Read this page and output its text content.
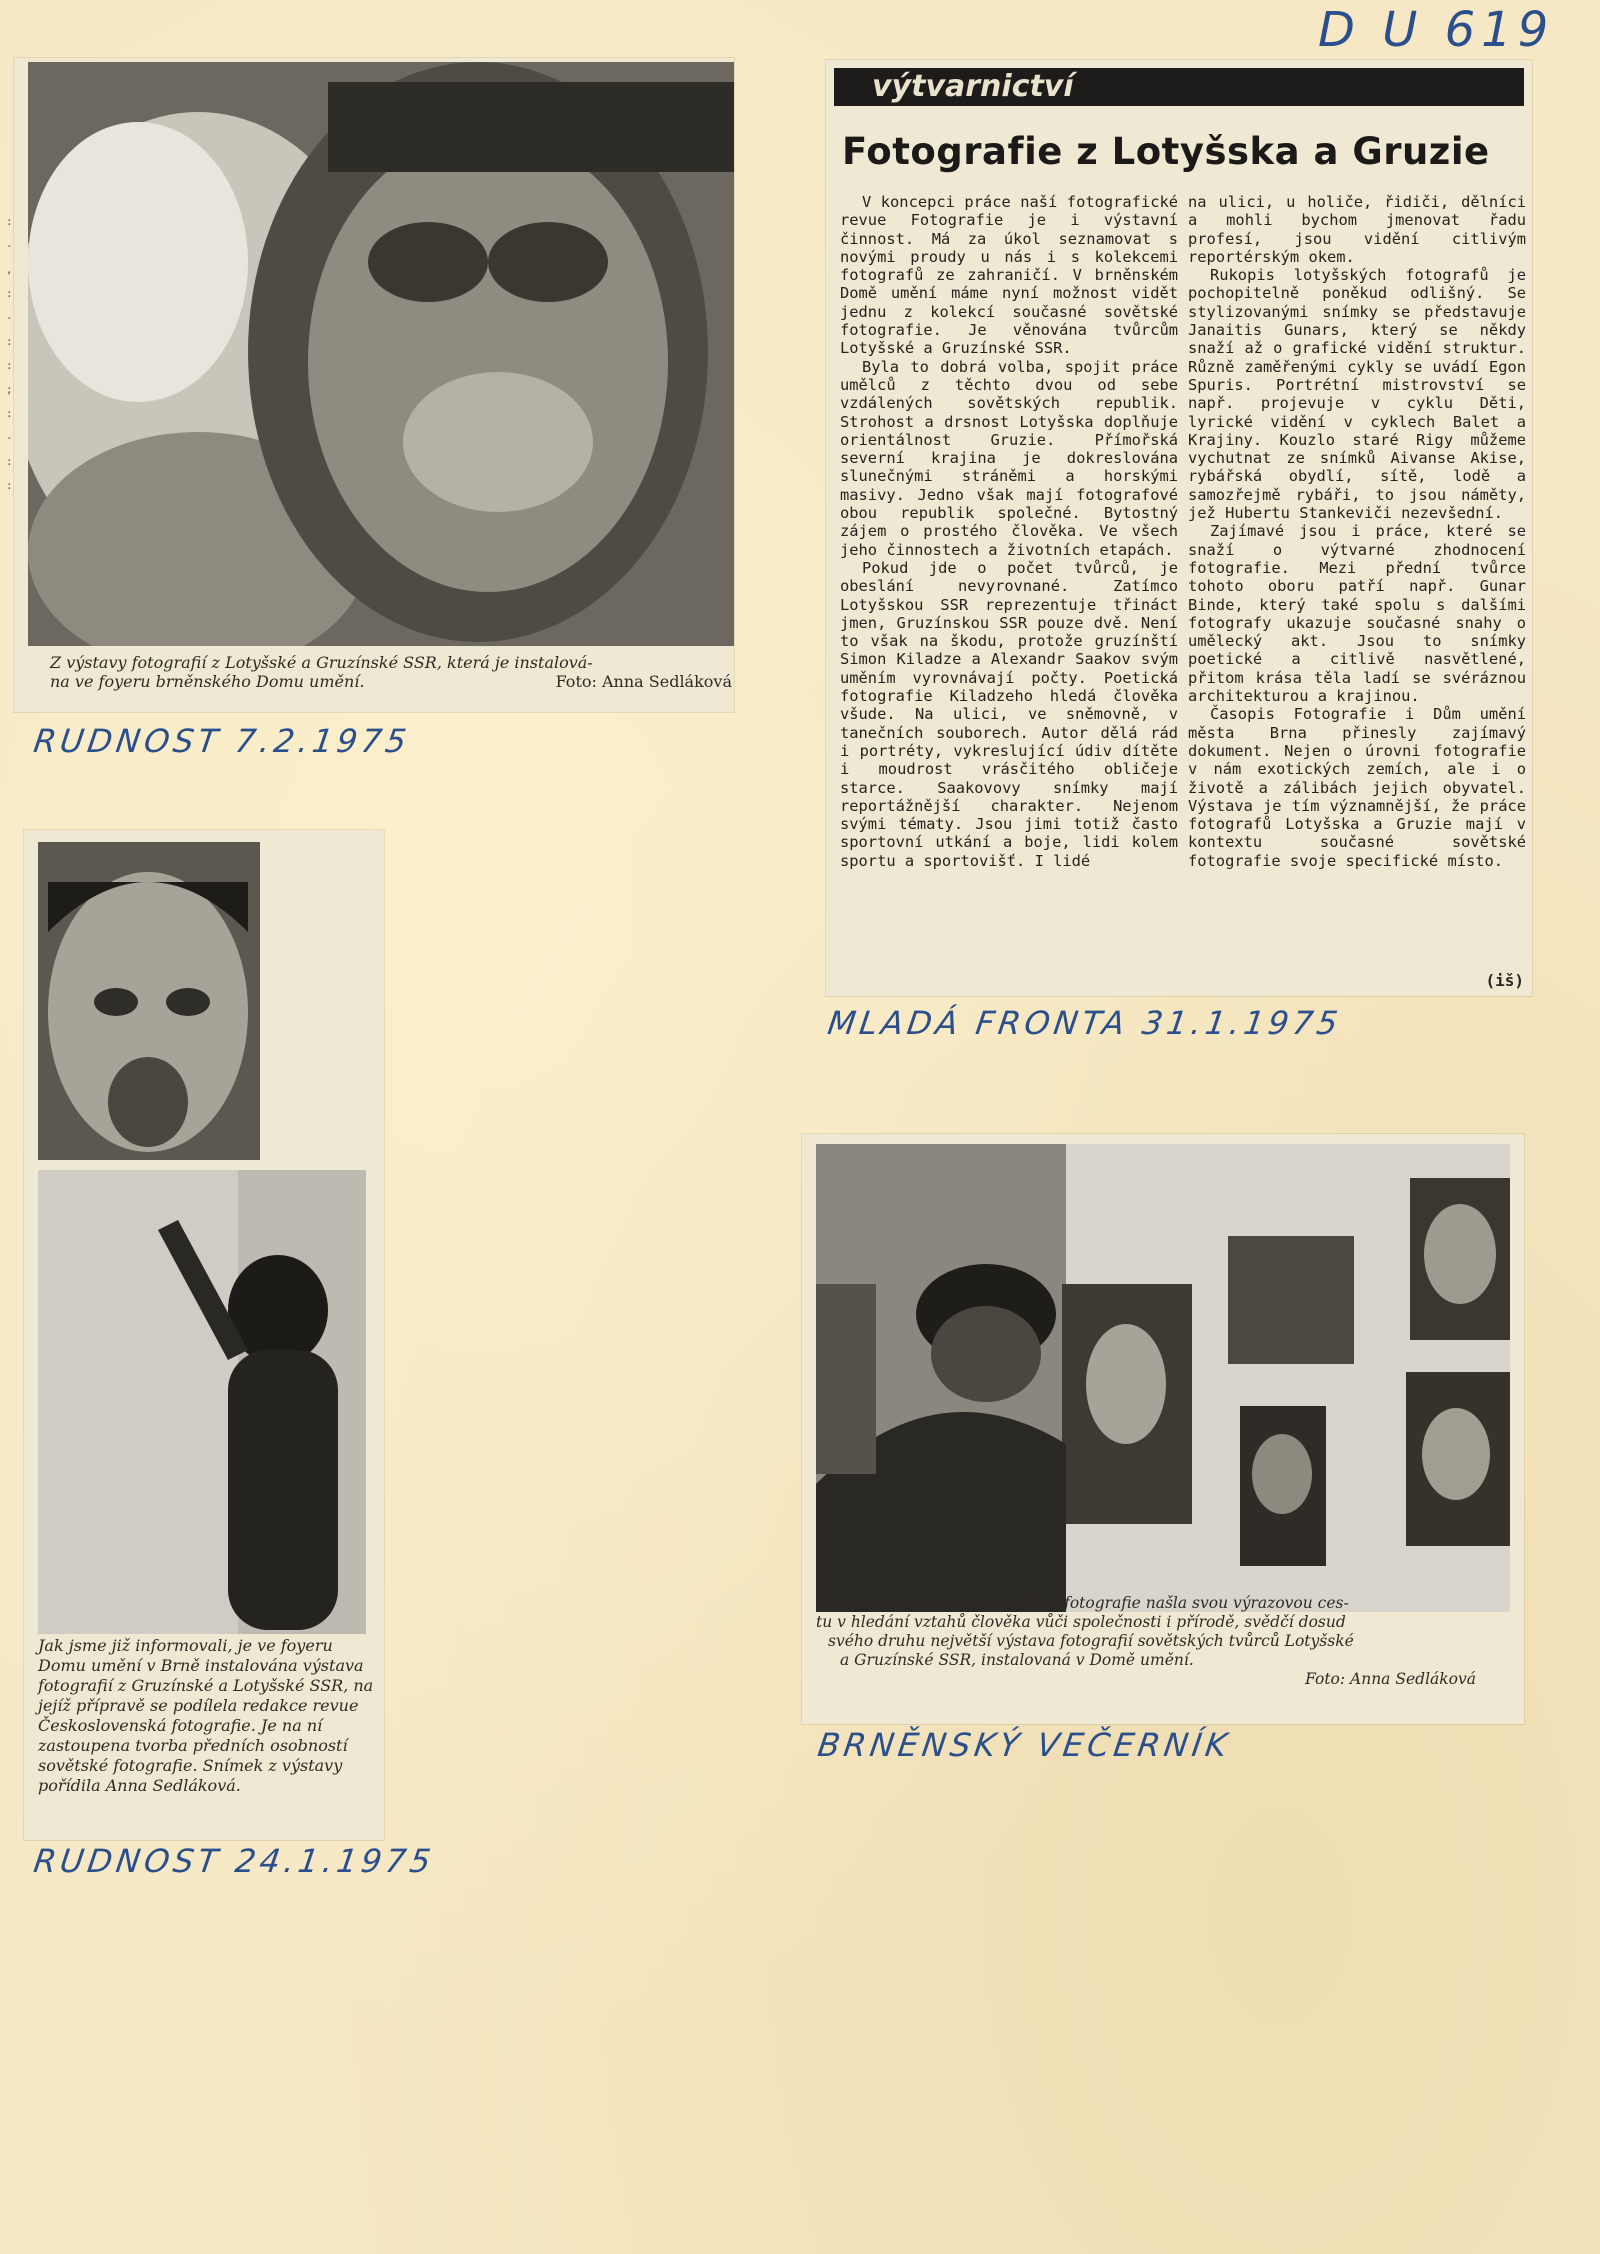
D U 619
: - , : - : : ; : - : :
Z výstavy fotografií z Lotyšské a Gruzínské SSR, která je instalová-
na ve foyeru brněnského Domu umění.	Foto: Anna Sedláková
RUDNOST 7.2.1975
výtvarnictví
Fotografie z Lotyšska a Gruzie

V koncepci práce naší fotografické revue Fotografie je i výstavní činnost. Má za úkol seznamovat s novými proudy u nás i s kolekcemi fotografů ze zahraničí. V brněnském Domě umění máme nyní možnost vidět jednu z kolekcí současné sovětské fotografie. Je věnována tvůrcům Lotyšské a Gruzínské SSR.

Byla to dobrá volba, spojit práce umělců z těchto dvou od sebe vzdálených sovětských republik. Strohost a drsnost Lotyšska doplňuje orientálnost Gruzie. Přímořská severní krajina je dokreslována slunečnými stráněmi a horskými masivy. Jedno však mají fotografové obou republik společné. Bytostný zájem o prostého člověka. Ve všech jeho činnostech a životních etapách.

Pokud jde o počet tvůrců, je obeslání nevyrovnané. Zatímco Lotyšskou SSR reprezentuje třináct jmen, Gruzínskou SSR pouze dvě. Není to však na škodu, protože gruzínští Simon Kiladze a Alexandr Saakov svým uměním vyrovnávají počty. Poetická fotografie Kiladzeho hledá člověka všude. Na ulici, ve sněmovně, v tanečních souborech. Autor dělá rád i portréty, vykreslující údiv dítěte i moudrost vrásčitého obličeje starce. Saakovovy snímky mají reportážnější charakter. Nejenom svými tématy. Jsou jimi totiž často sportovní utkání a boje, lidi kolem sportu a sportovišť. I lidé

na ulici, u holiče, řidiči, dělníci a mohli bychom jmenovat řadu profesí, jsou vidění citlivým reportérským okem.

Rukopis lotyšských fotografů je pochopitelně poněkud odlišný. Se stylizovanými snímky se představuje Janaitis Gunars, který se někdy snaží až o grafické vidění struktur. Různě zaměřenými cykly se uvádí Egon Spuris. Portrétní mistrovství se např. projevuje v cyklu Děti, lyrické vidění v cyklech Balet a Krajiny. Kouzlo staré Rigy můžeme vychutnat ze snímků Aivanse Akise, rybářská obydlí, sítě, lodě a samozřejmě rybáři, to jsou náměty, jež Hubertu Stankeviči nezevšední.

Zajímavé jsou i práce, které se snaží o výtvarné zhodnocení fotografie. Mezi přední tvůrce tohoto oboru patří např. Gunar Binde, který také spolu s dalšími fotografy ukazuje současné snahy o umělecký akt. Jsou to snímky poetické a citlivě nasvětlené, přitom krása těla ladí se svéráznou architekturou a krajinou.

Časopis Fotografie i Dům umění města Brna přinesly zajímavý dokument. Nejen o úrovni fotografie v nám exotických zemích, ale i o životě a zálibách jejich obyvatel. Výstava je tím významnější, že práce fotografů Lotyšska a Gruzie mají v kontextu současné sovětské fotografie svoje specifické místo.

(iš)
MLADÁ FRONTA 31.1.1975
Jak jsme již informovali, je ve foyeru Domu umění v Brně instalována výstava fotografií z Gruzínské a Lotyšské SSR, na jejíž přípravě se podílela redakce revue Československá fotografie. Je na ní zastoupena tvorba předních osobností sovětské fotografie. Snímek z výstavy pořídila Anna Sedláková.
RUDNOST 24.1.1975
O tom, že si současná sovětská fotografie našla svou výrazovou ces-
tu v hledání vztahů člověka vůči společnosti i přírodě, svědčí dosud
svého druhu největší výstava fotografií sovětských tvůrců Lotyšské
a Gruzínské SSR, instalovaná v Domě umění.
Foto: Anna Sedláková
BRNĚNSKÝ VEČERNÍK
